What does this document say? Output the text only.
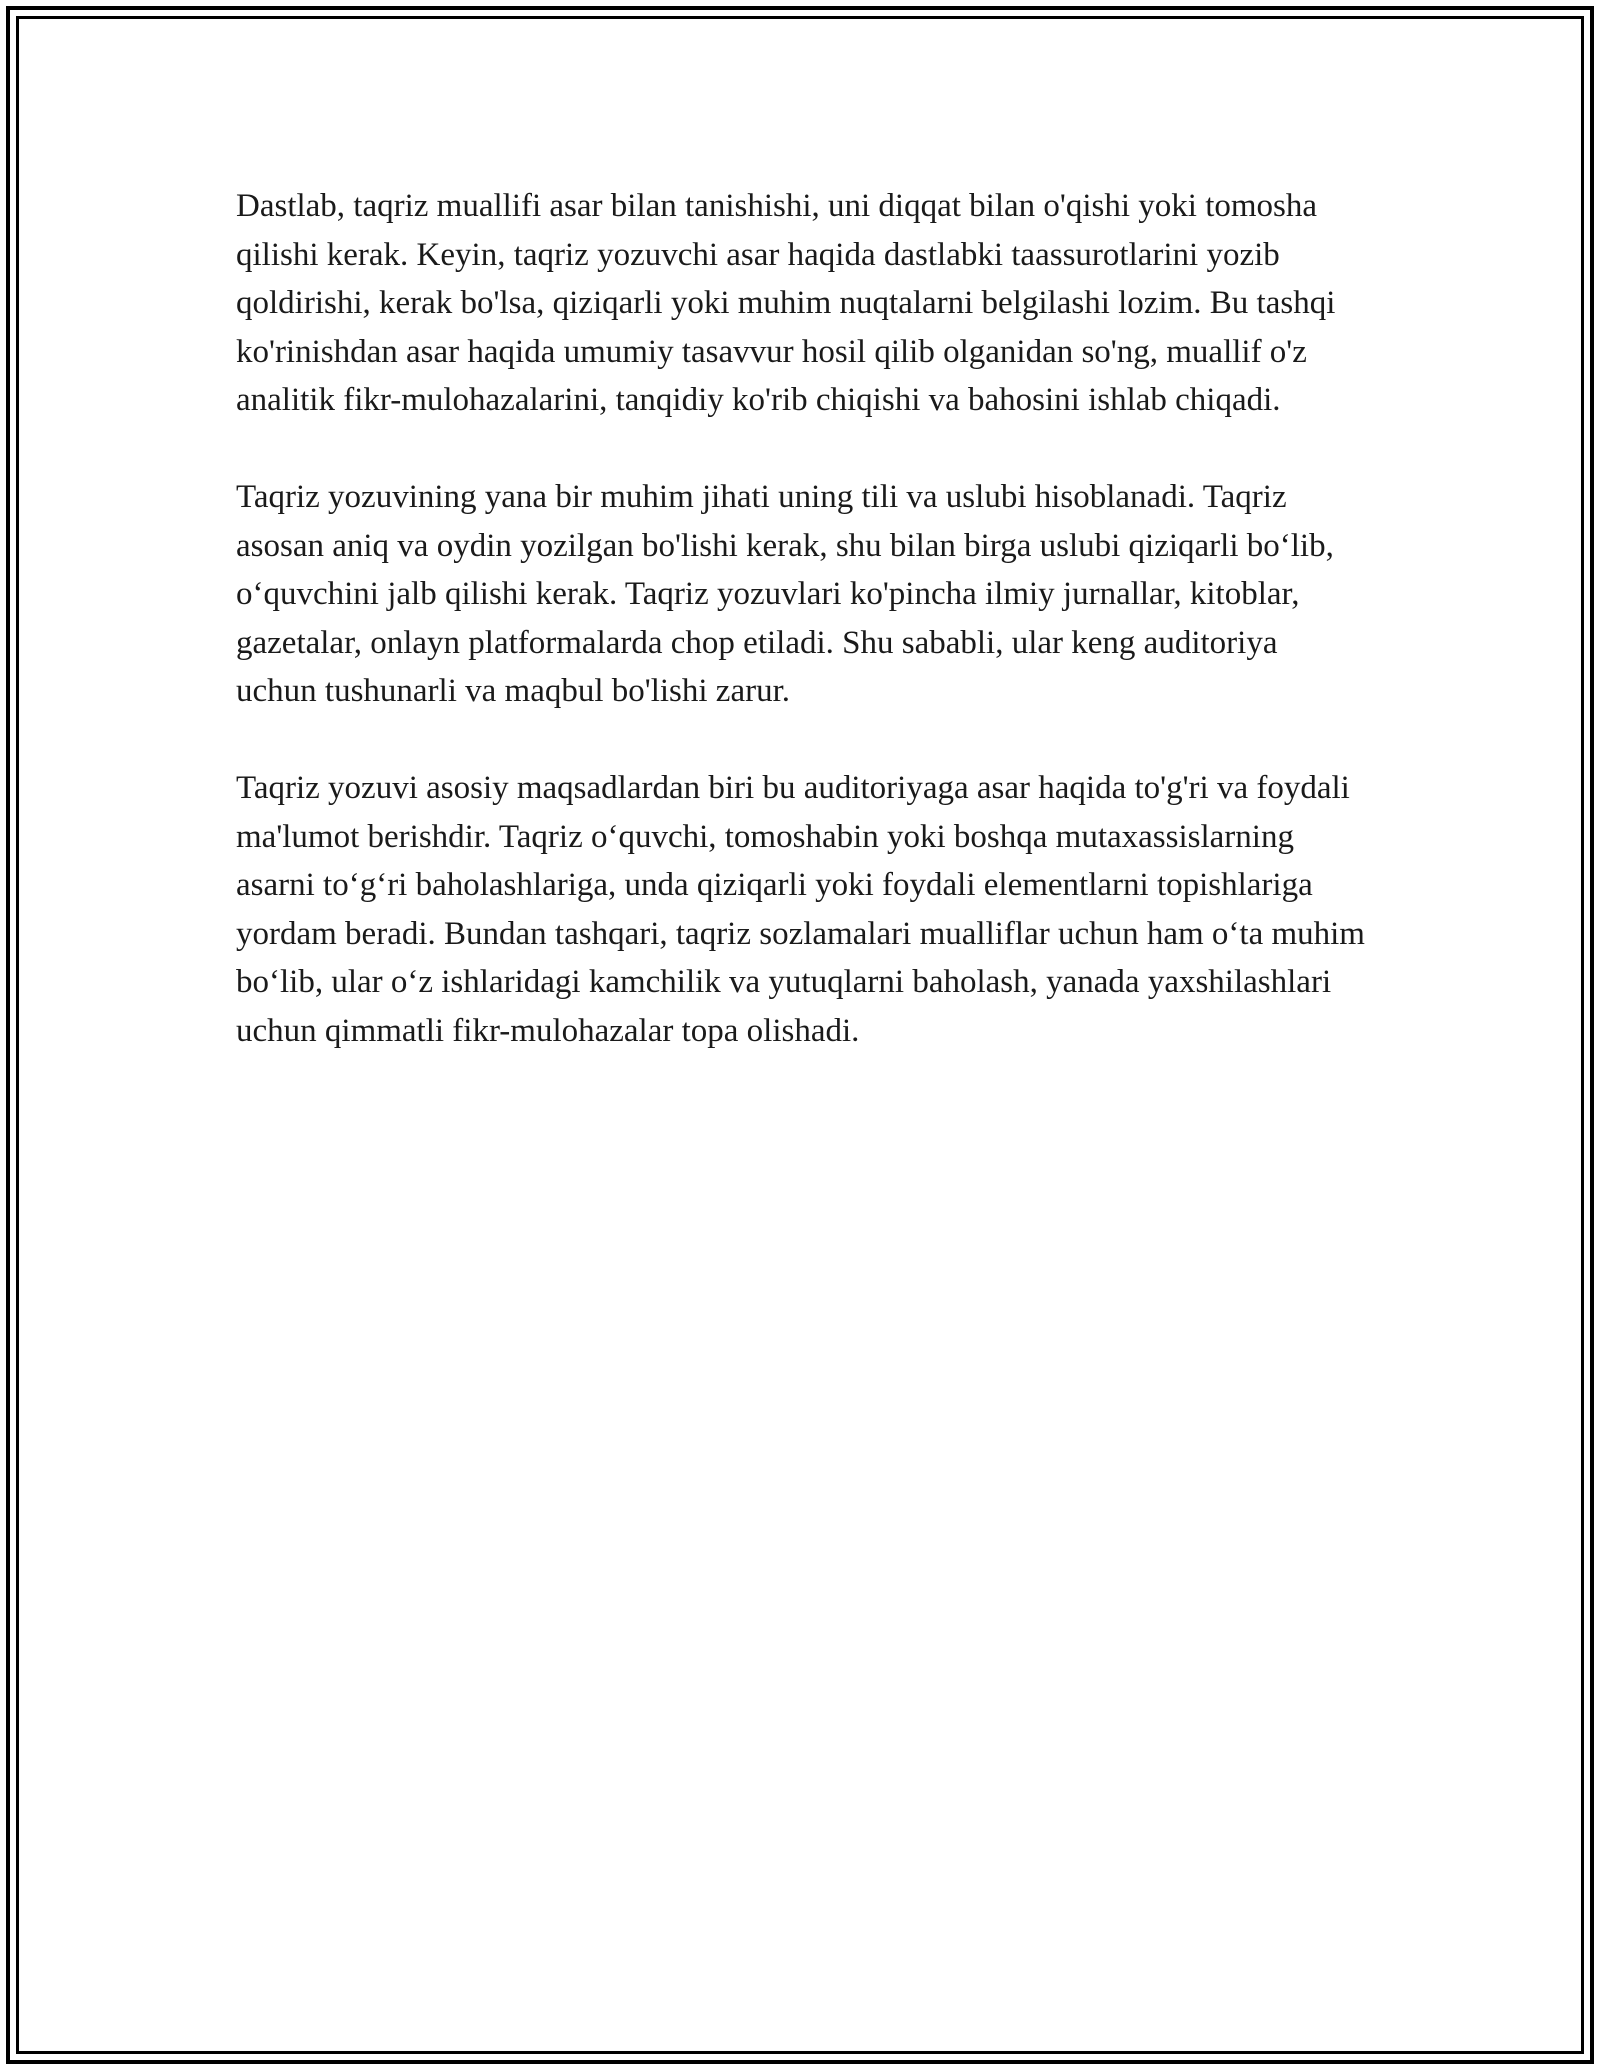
Dastlab, taqriz muallifi asar bilan tanishishi, uni diqqat bilan o'qishi yoki tomosha qilishi kerak. Keyin, taqriz yozuvchi asar haqida dastlabki taassurotlarini yozib qoldirishi, kerak bo'lsa, qiziqarli yoki muhim nuqtalarni belgilashi lozim. Bu tashqi ko'rinishdan asar haqida umumiy tasavvur hosil qilib olganidan so'ng, muallif o'z analitik fikr-mulohazalarini, tanqidiy ko'rib chiqishi va bahosini ishlab chiqadi.

Taqriz yozuvining yana bir muhim jihati uning tili va uslubi hisoblanadi. Taqriz asosan aniq va oydin yozilgan bo'lishi kerak, shu bilan birga uslubi qiziqarli boʻlib, oʻquvchini jalb qilishi kerak. Taqriz yozuvlari ko'pincha ilmiy jurnallar, kitoblar, gazetalar, onlayn platformalarda chop etiladi. Shu sababli, ular keng auditoriya uchun tushunarli va maqbul bo'lishi zarur.

Taqriz yozuvi asosiy maqsadlardan biri bu auditoriyaga asar haqida to'g'ri va foydali ma'lumot berishdir. Taqriz oʻquvchi, tomoshabin yoki boshqa mutaxassislarning asarni toʻgʻri baholashlariga, unda qiziqarli yoki foydali elementlarni topishlariga yordam beradi. Bundan tashqari, taqriz sozlamalari mualliflar uchun ham oʻta muhim boʻlib, ular oʻz ishlaridagi kamchilik va yutuqlarni baholash, yanada yaxshilashlari uchun qimmatli fikr-mulohazalar topa olishadi.
